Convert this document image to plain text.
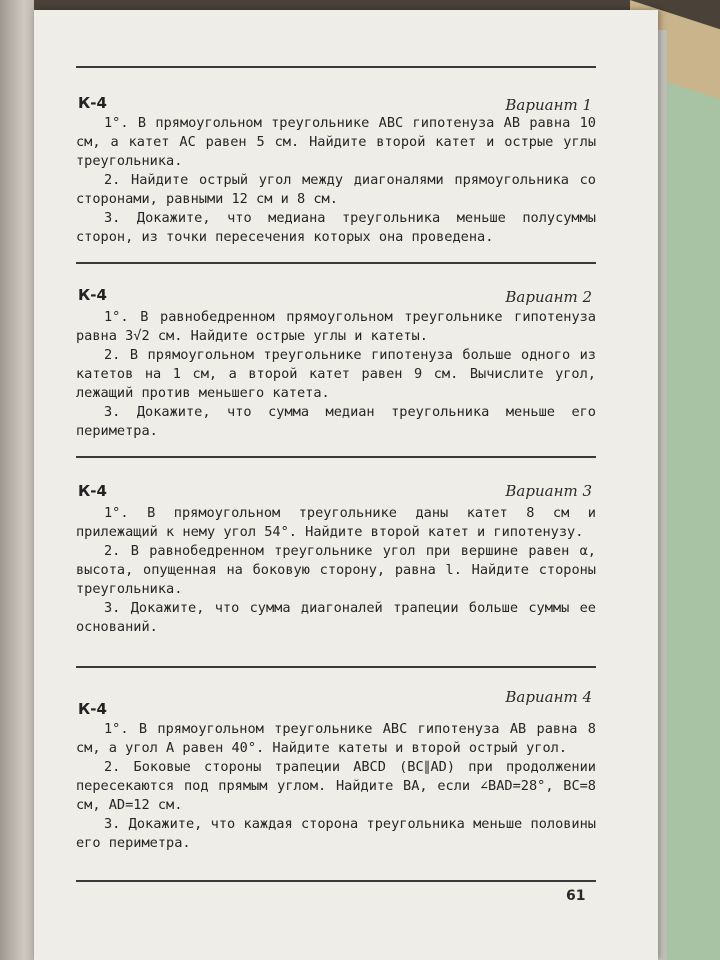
К-4	Вариант 1

1°. В прямоугольном треугольнике ABC гипотенуза AB равна 10 см, а катет AC равен 5 см. Найдите второй катет и острые углы треугольника.

2. Найдите острый угол между диагоналями прямоугольника со сторонами, равными 12 см и 8 см.

3. Докажите, что медиана треугольника меньше полусуммы сторон, из точки пересечения которых она проведена.

К-4	Вариант 2

1°. В равнобедренном прямоугольном треугольнике гипотенуза равна 3√2 см. Найдите острые углы и катеты.

2. В прямоугольном треугольнике гипотенуза больше одного из катетов на 1 см, а второй катет равен 9 см. Вычислите угол, лежащий против меньшего катета.

3. Докажите, что сумма медиан треугольника меньше его периметра.

К-4	Вариант 3

1°. В прямоугольном треугольнике даны катет 8 см и прилежащий к нему угол 54°. Найдите второй катет и гипотенузу.

2. В равнобедренном треугольнике угол при вершине равен α, высота, опущенная на боковую сторону, равна l. Найдите стороны треугольника.

3. Докажите, что сумма диагоналей трапеции больше суммы ее оснований.

К-4
Вариант 4

1°. В прямоугольном треугольнике ABC гипотенуза AB равна 8 см, а угол A равен 40°. Найдите катеты и второй острый угол.

2. Боковые стороны трапеции ABCD (BC∥AD) при продолжении пересекаются под прямым углом. Найдите BA, если ∠BAD=28°, BC=8 см, AD=12 см.

3. Докажите, что каждая сторона треугольника меньше половины его периметра.

61
